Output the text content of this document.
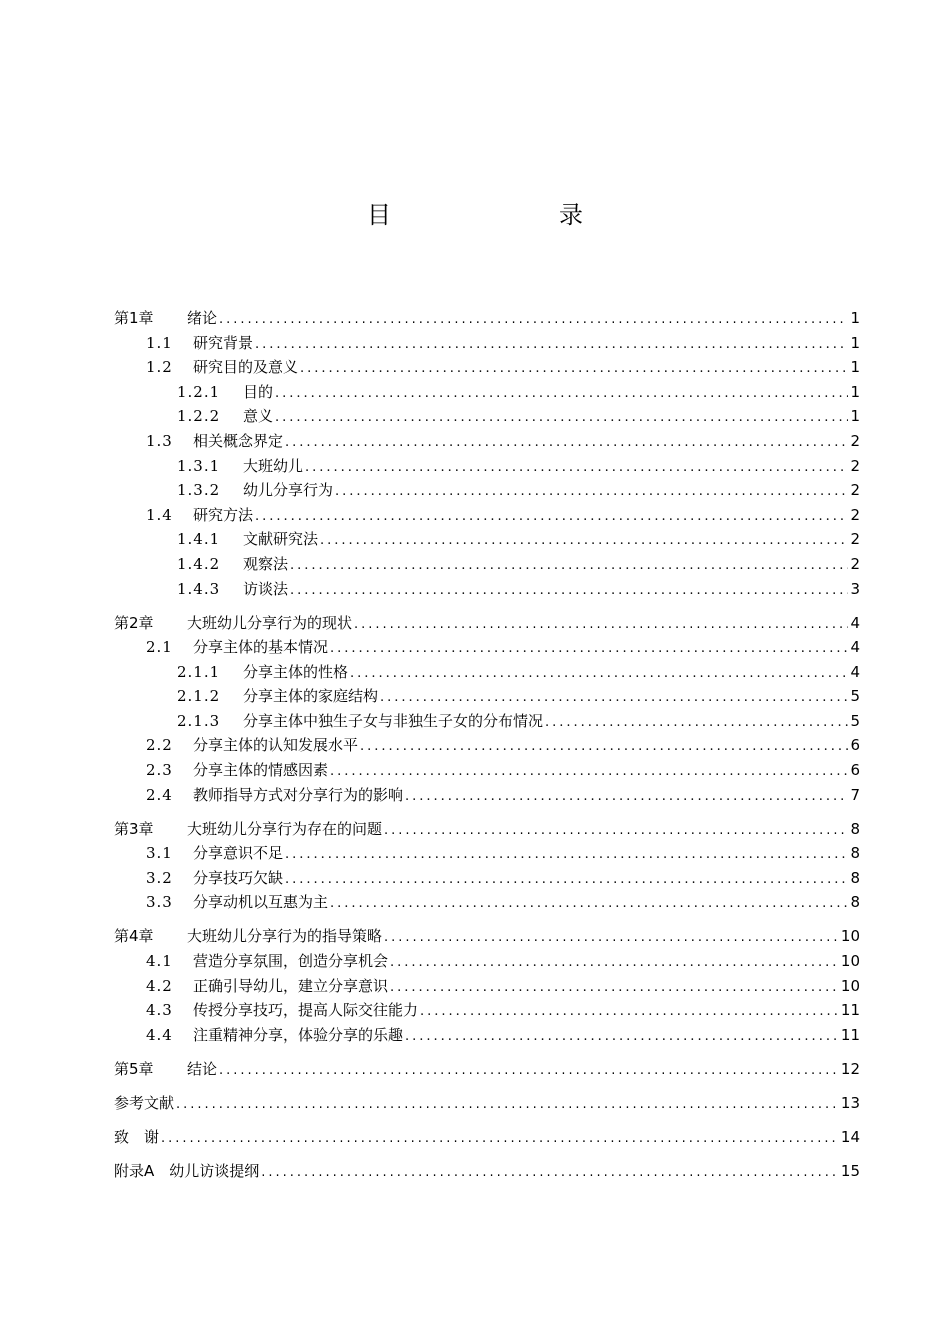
目　　录
第1章	绪论 .....	1
1.1	研究背景 .....	1
1.2	研究目的及意义 .....	1
1.2.1	目的 .....	1
1.2.2	意义 .....	1
1.3	相关概念界定 .....	2
1.3.1	大班幼儿 .....	2
1.3.2	幼儿分享行为 .....	2
1.4	研究方法 .....	2
1.4.1	文献研究法 .....	2
1.4.2	观察法 .....	2
1.4.3	访谈法 .....	3
第2章	大班幼儿分享行为的现状 .....	4
2.1	分享主体的基本情况 .....	4
2.1.1	分享主体的性格 .....	4
2.1.2	分享主体的家庭结构 .....	5
2.1.3	分享主体中独生子女与非独生子女的分布情况 .....	5
2.2	分享主体的认知发展水平 .....	6
2.3	分享主体的情感因素 .....	6
2.4	教师指导方式对分享行为的影响 .....	7
第3章	大班幼儿分享行为存在的问题 .....	8
3.1	分享意识不足 .....	8
3.2	分享技巧欠缺 .....	8
3.3	分享动机以互惠为主 .....	8
第4章	大班幼儿分享行为的指导策略 .....	10
4.1	营造分享氛围，创造分享机会 .....	10
4.2	正确引导幼儿，建立分享意识 .....	10
4.3	传授分享技巧，提高人际交往能力 .....	11
4.4	注重精神分享，体验分享的乐趣 .....	11
第5章	结论 .....	12
参考文献 .....	13
致　谢 .....	14
附录A　幼儿访谈提纲 .....	15
